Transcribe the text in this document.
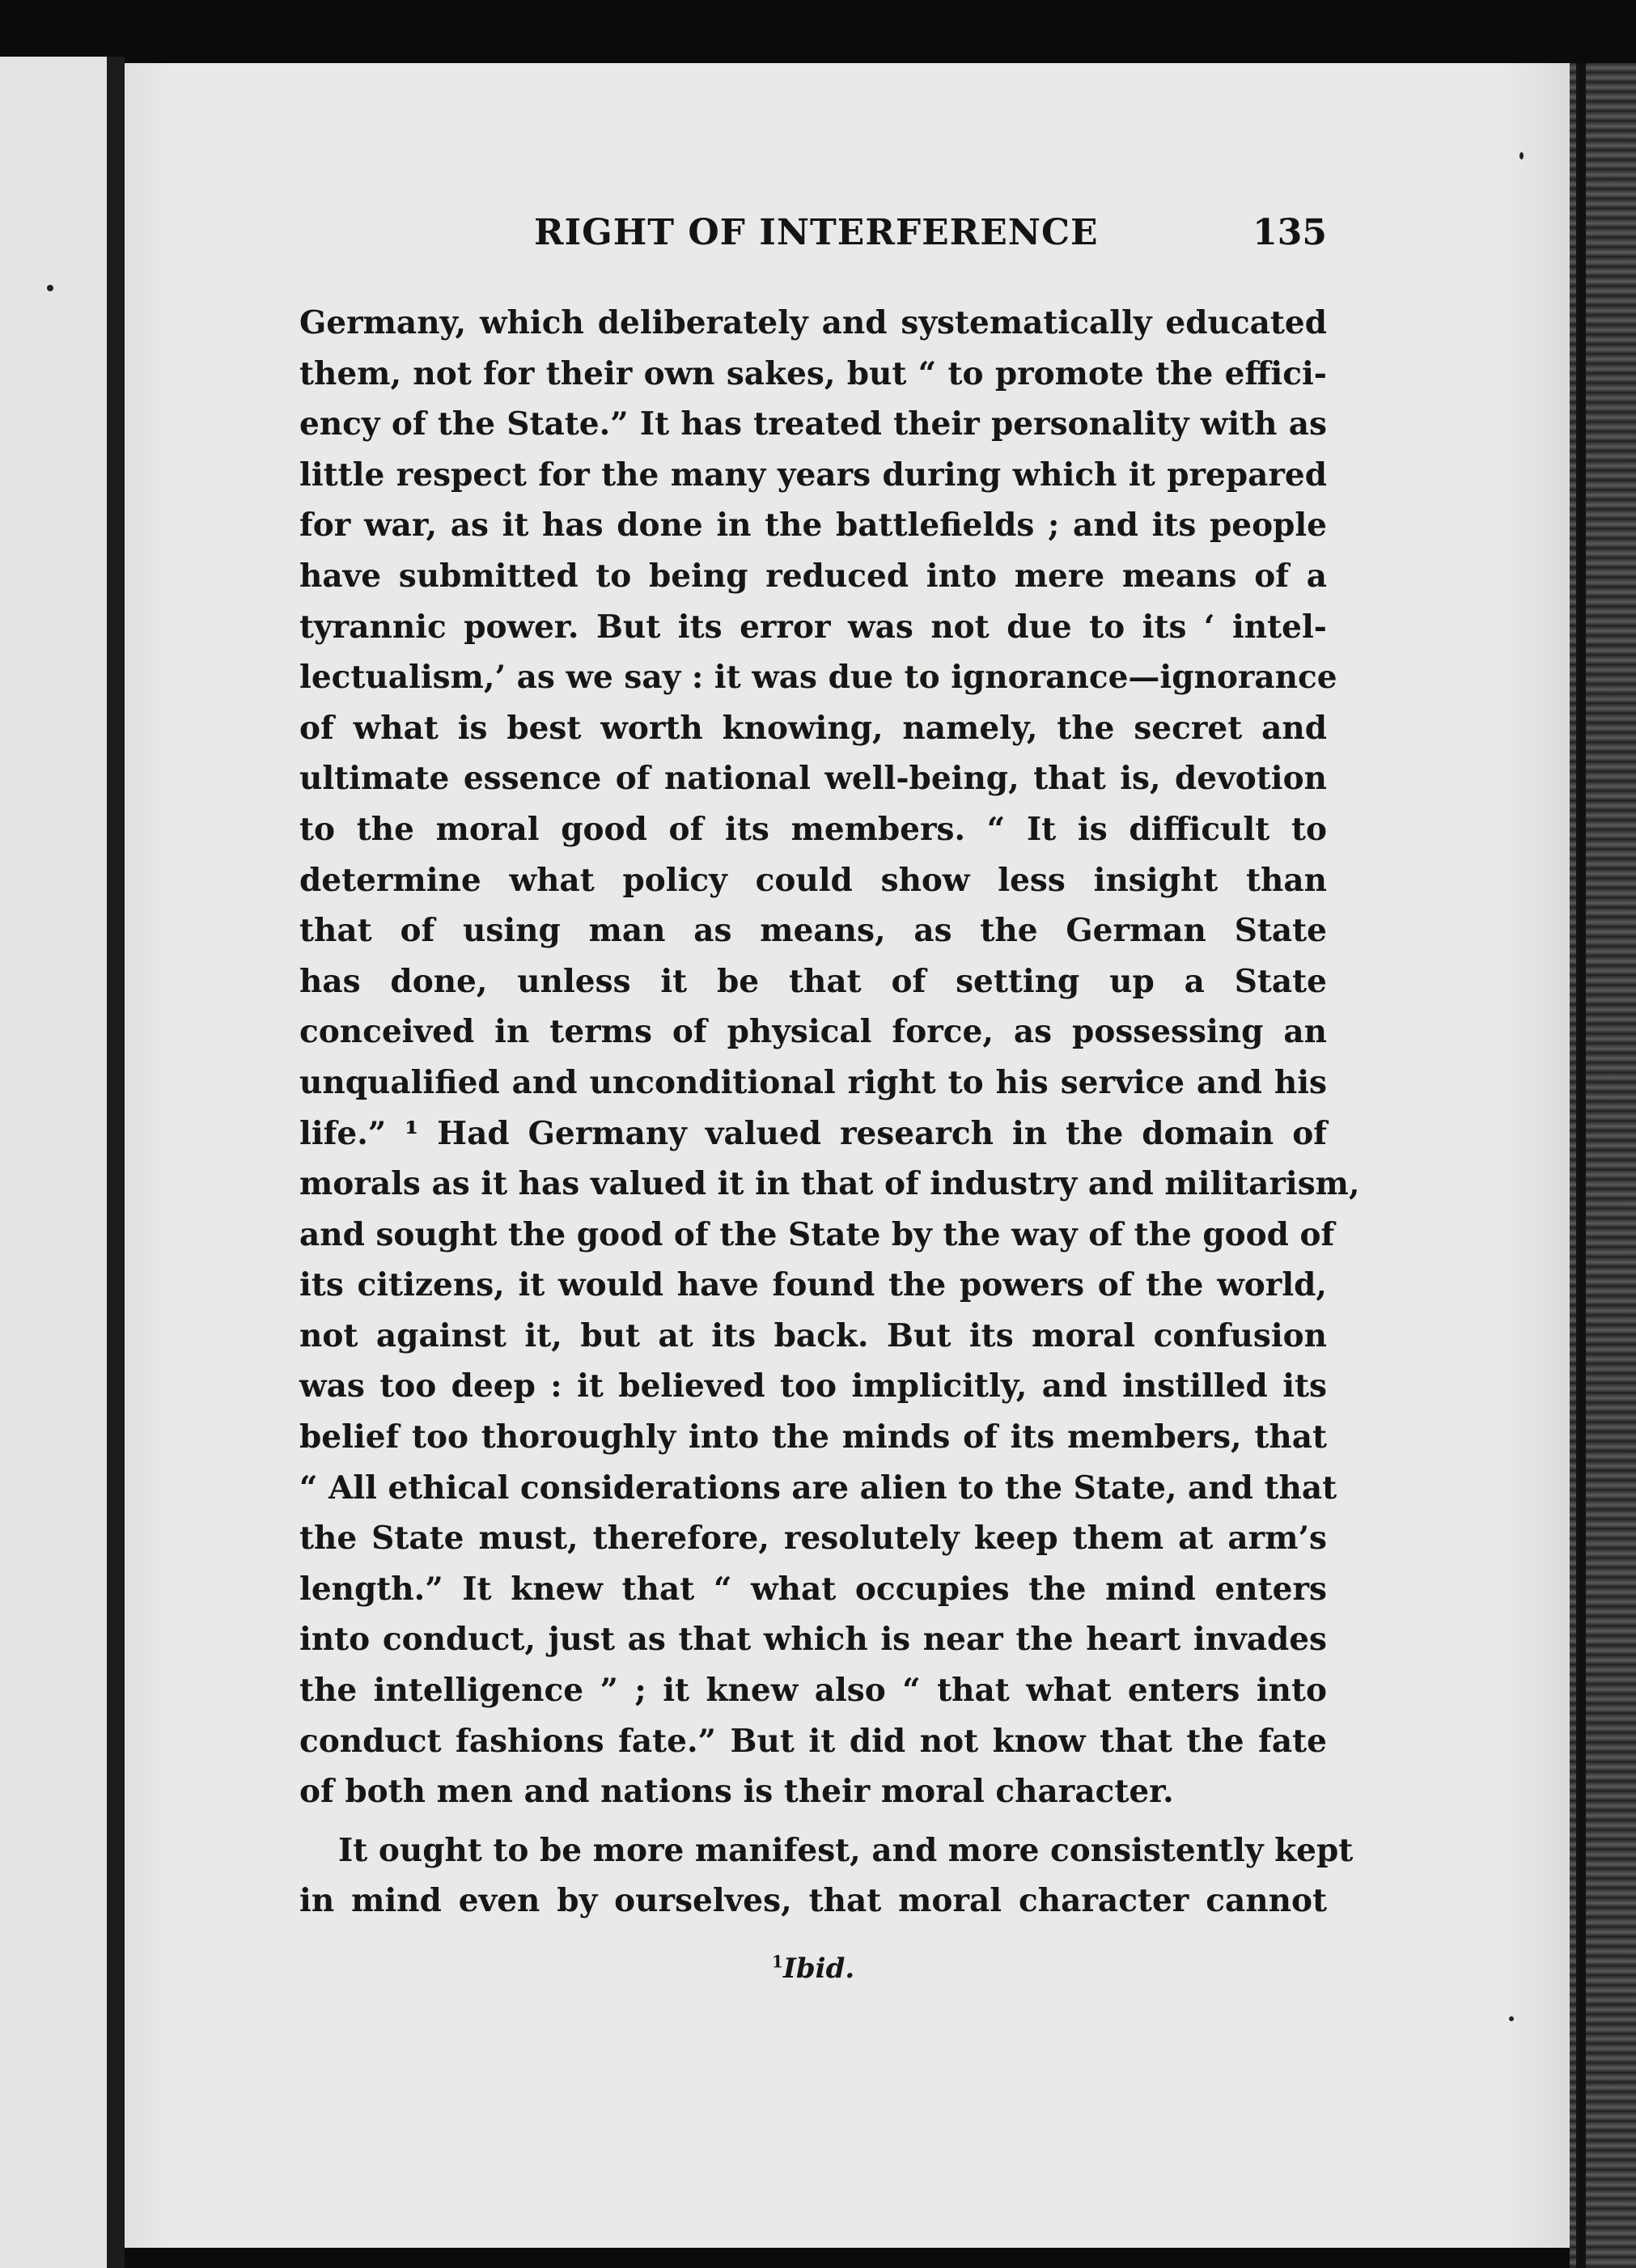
RIGHT OF INTERFERENCE	135
Germany, which deliberately and systematically educated
them, not for their own sakes, but “ to promote the effici-
ency of the State.” It has treated their personality with as
little respect for the many years during which it prepared
for war, as it has done in the battlefields ; and its people
have submitted to being reduced into mere means of a
tyrannic power. But its error was not due to its ‘ intel-
lectualism,’ as we say : it was due to ignorance—ignorance
of what is best worth knowing, namely, the secret and
ultimate essence of national well-being, that is, devotion
to the moral good of its members. “ It is difficult to
determine what policy could show less insight than
that of using man as means, as the German State
has done, unless it be that of setting up a State
conceived in terms of physical force, as possessing an
unqualified and unconditional right to his service and his
life.” ¹ Had Germany valued research in the domain of
morals as it has valued it in that of industry and militarism,
and sought the good of the State by the way of the good of
its citizens, it would have found the powers of the world,
not against it, but at its back. But its moral confusion
was too deep : it believed too implicitly, and instilled its
belief too thoroughly into the minds of its members, that
“ All ethical considerations are alien to the State, and that
the State must, therefore, resolutely keep them at arm’s
length.” It knew that “ what occupies the mind enters
into conduct, just as that which is near the heart invades
the intelligence ” ; it knew also “ that what enters into
conduct fashions fate.” But it did not know that the fate
of both men and nations is their moral character.
It ought to be more manifest, and more consistently kept
in mind even by ourselves, that moral character cannot
$^1$Ibid.
